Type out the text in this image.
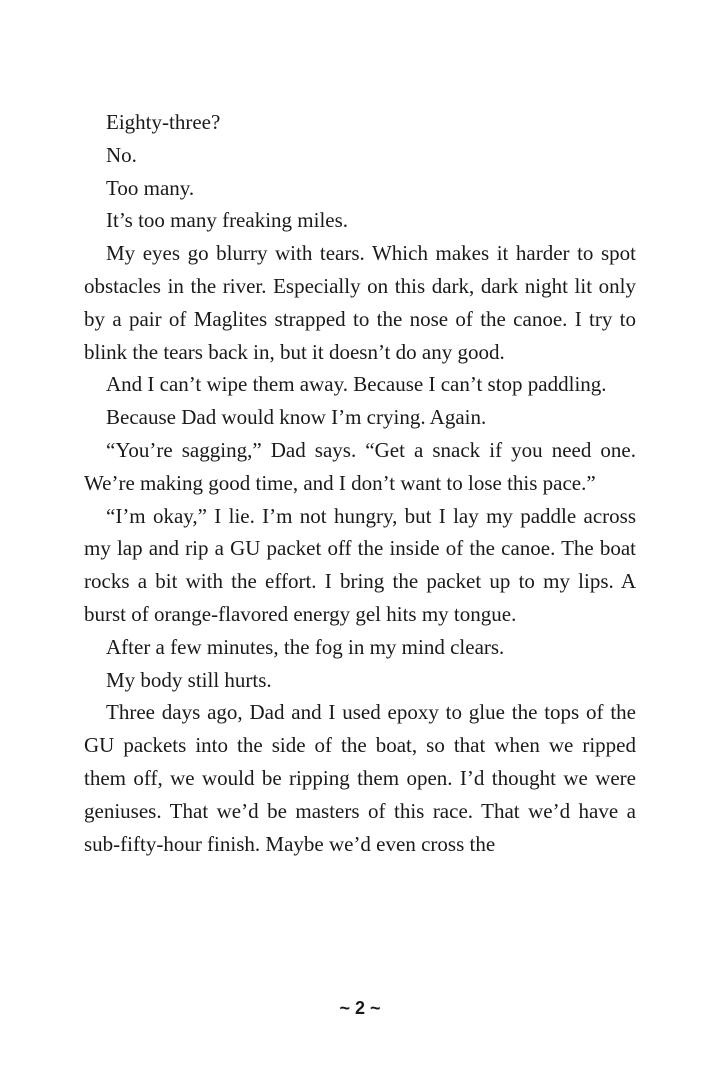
Eighty-three?

No.

Too many.

It’s too many freaking miles.

My eyes go blurry with tears. Which makes it harder to spot obstacles in the river. Especially on this dark, dark night lit only by a pair of Maglites strapped to the nose of the canoe. I try to blink the tears back in, but it doesn’t do any good.

And I can’t wipe them away. Because I can’t stop paddling.

Because Dad would know I’m crying. Again.

“You’re sagging,” Dad says. “Get a snack if you need one. We’re making good time, and I don’t want to lose this pace.”

“I’m okay,” I lie. I’m not hungry, but I lay my paddle across my lap and rip a GU packet off the inside of the canoe. The boat rocks a bit with the effort. I bring the packet up to my lips. A burst of orange-flavored energy gel hits my tongue.

After a few minutes, the fog in my mind clears.

My body still hurts.

Three days ago, Dad and I used epoxy to glue the tops of the GU packets into the side of the boat, so that when we ripped them off, we would be ripping them open. I’d thought we were geniuses. That we’d be masters of this race. That we’d have a sub-fifty-hour finish. Maybe we’d even cross the

~ 2 ~
